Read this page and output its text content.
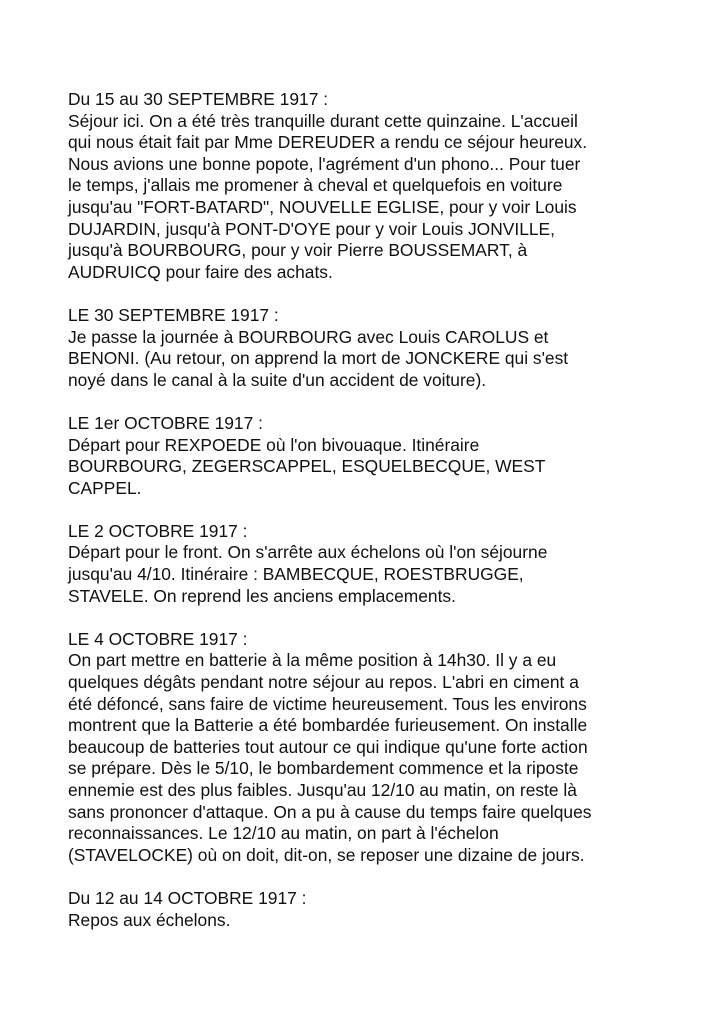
Du 15 au 30 SEPTEMBRE 1917 :
Séjour ici. On a été très tranquille durant cette quinzaine. L'accueil
qui nous était fait par Mme DEREUDER a rendu ce séjour heureux.
Nous avions une bonne popote, l'agrément d'un phono... Pour tuer
le temps, j'allais me promener à cheval et quelquefois en voiture
jusqu'au "FORT-BATARD", NOUVELLE EGLISE, pour y voir Louis
DUJARDIN, jusqu'à PONT-D'OYE pour y voir Louis JONVILLE,
jusqu'à BOURBOURG, pour y voir Pierre BOUSSEMART, à
AUDRUICQ pour faire des achats.
LE 30 SEPTEMBRE 1917 :
Je passe la journée à BOURBOURG avec Louis CAROLUS et
BENONI. (Au retour, on apprend la mort de JONCKERE qui s'est
noyé dans le canal à la suite d'un accident de voiture).
LE 1er OCTOBRE 1917 :
Départ pour REXPOEDE où l'on bivouaque. Itinéraire
BOURBOURG, ZEGERSCAPPEL, ESQUELBECQUE, WEST
CAPPEL.
LE 2 OCTOBRE 1917 :
Départ pour le front. On s'arrête aux échelons où l'on séjourne
jusqu'au 4/10. Itinéraire : BAMBECQUE, ROESTBRUGGE,
STAVELE. On reprend les anciens emplacements.
LE 4 OCTOBRE 1917 :
On part mettre en batterie à la même position à 14h30. Il y a eu
quelques dégâts pendant notre séjour au repos. L'abri en ciment a
été défoncé, sans faire de victime heureusement. Tous les environs
montrent que la Batterie a été bombardée furieusement. On installe
beaucoup de batteries tout autour ce qui indique qu'une forte action
se prépare. Dès le 5/10, le bombardement commence et la riposte
ennemie est des plus faibles. Jusqu'au 12/10 au matin, on reste là
sans prononcer d'attaque. On a pu à cause du temps faire quelques
reconnaissances. Le 12/10 au matin, on part à l'échelon
(STAVELOCKE) où on doit, dit-on, se reposer une dizaine de jours.
Du 12 au 14 OCTOBRE 1917 :
Repos aux échelons.
